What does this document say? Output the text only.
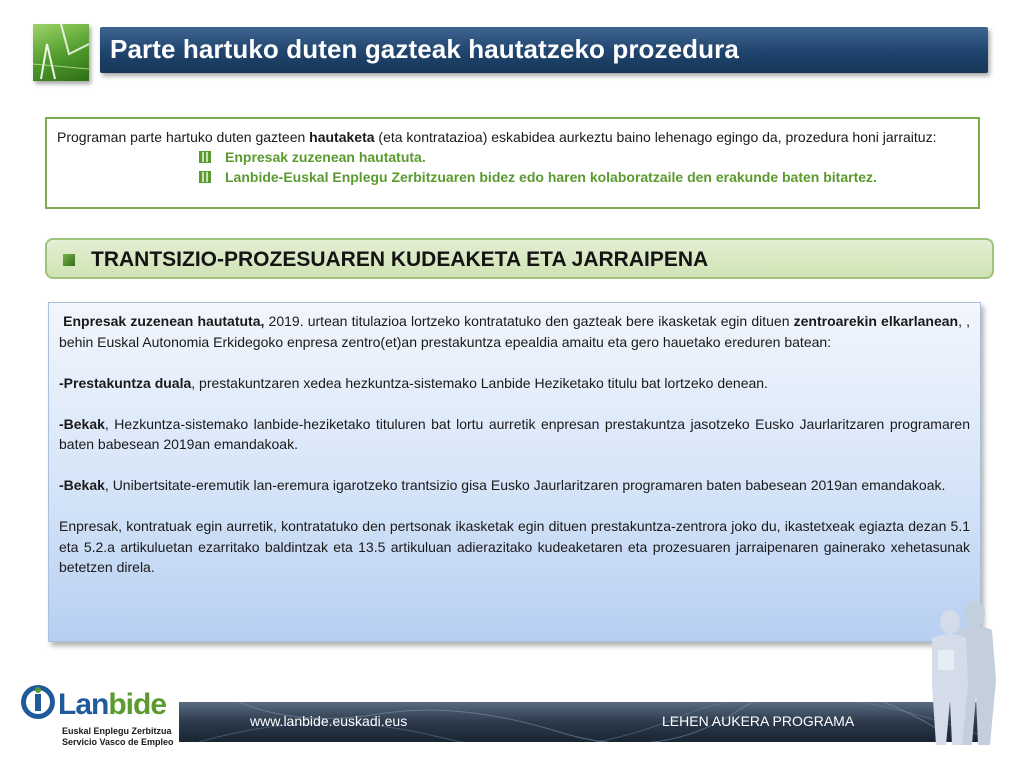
Parte hartuko duten gazteak hautatzeko prozedura
Programan parte hartuko duten gazteen hautaketa (eta kontratazioa) eskabidea aurkeztu baino lehenago egingo da, prozedura honi jarraituz:
Enpresak zuzenean hautatuta.
Lanbide-Euskal Enplegu Zerbitzuaren bidez edo haren kolaboratzaile den erakunde baten bitartez.
TRANTSIZIO-PROZESUAREN KUDEAKETA ETA JARRAIPENA

Enpresak zuzenean hautatuta, 2019. urtean titulazioa lortzeko kontratatuko den gazteak bere ikasketak egin dituen zentroarekin elkarlanean, , behin Euskal Autonomia Erkidegoko enpresa zentro(et)an prestakuntza epealdia amaitu eta gero hauetako ereduren batean:

-Prestakuntza duala, prestakuntzaren xedea hezkuntza-sistemako Lanbide Heziketako titulu bat lortzeko denean.

-Bekak, Hezkuntza-sistemako lanbide-heziketako tituluren bat lortu aurretik enpresan prestakuntza jasotzeko Eusko Jaurlaritzaren programaren baten babesean 2019an emandakoak.

-Bekak, Unibertsitate-eremutik lan-eremura igarotzeko trantsizio gisa Eusko Jaurlaritzaren programaren baten babesean 2019an emandakoak.

Enpresak, kontratuak egin aurretik, kontratatuko den pertsonak ikasketak egin dituen prestakuntza-zentrora joko du, ikastetxeak egiazta dezan 5.1 eta 5.2.a artikuluetan ezarritako baldintzak eta 13.5 artikuluan adierazitako kudeaketaren eta prozesuaren jarraipenaren gainerako xehetasunak betetzen direla.

Lanbide
Euskal Enplegu Zerbitzua
Servicio Vasco de Empleo
www.lanbide.euskadi.eus	LEHEN AUKERA PROGRAMA
